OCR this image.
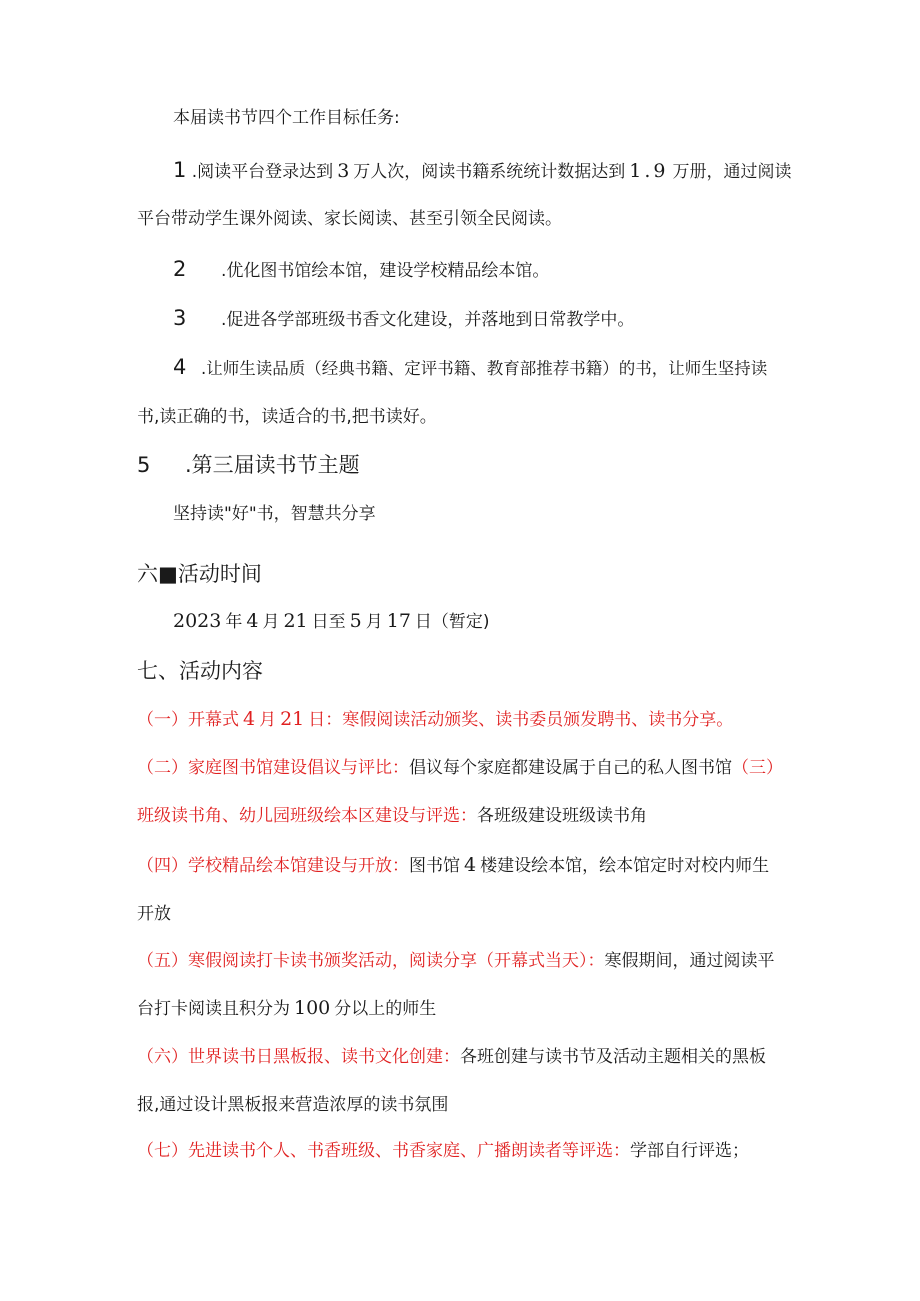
本届读书节四个工作目标任务:
1 .阅读平台登录达到 3 万人次，阅读书籍系统统计数据达到 1.9 万册，通过阅读
平台带动学生课外阅读、家长阅读、甚至引领全民阅读。
2 .优化图书馆绘本馆，建设学校精品绘本馆。
3 .促进各学部班级书香文化建设，并落地到日常教学中。
4 .让师生读品质（经典书籍、定评书籍、教育部推荐书籍）的书，让师生坚持读
书,读正确的书，读适合的书,把书读好。
5 .第三届读书节主题
坚持读"好"书，智慧共分享
六■活动时间
2023 年 4 月 21 日至 5 月 17 日（暂定)
七、活动内容
（一）开幕式 4 月 21 日：寒假阅读活动颁奖、读书委员颁发聘书、读书分享。
（二）家庭图书馆建设倡议与评比：倡议每个家庭都建设属于自己的私人图书馆（三）
班级读书角、幼儿园班级绘本区建设与评选：各班级建设班级读书角
（四）学校精品绘本馆建设与开放：图书馆 4 楼建设绘本馆，绘本馆定时对校内师生
开放
（五）寒假阅读打卡读书颁奖活动，阅读分享（开幕式当天）：寒假期间，通过阅读平
台打卡阅读且积分为 100 分以上的师生
（六）世界读书日黑板报、读书文化创建：各班创建与读书节及活动主题相关的黑板
报,通过设计黑板报来营造浓厚的读书氛围
（七）先进读书个人、书香班级、书香家庭、广播朗读者等评选：学部自行评选；
